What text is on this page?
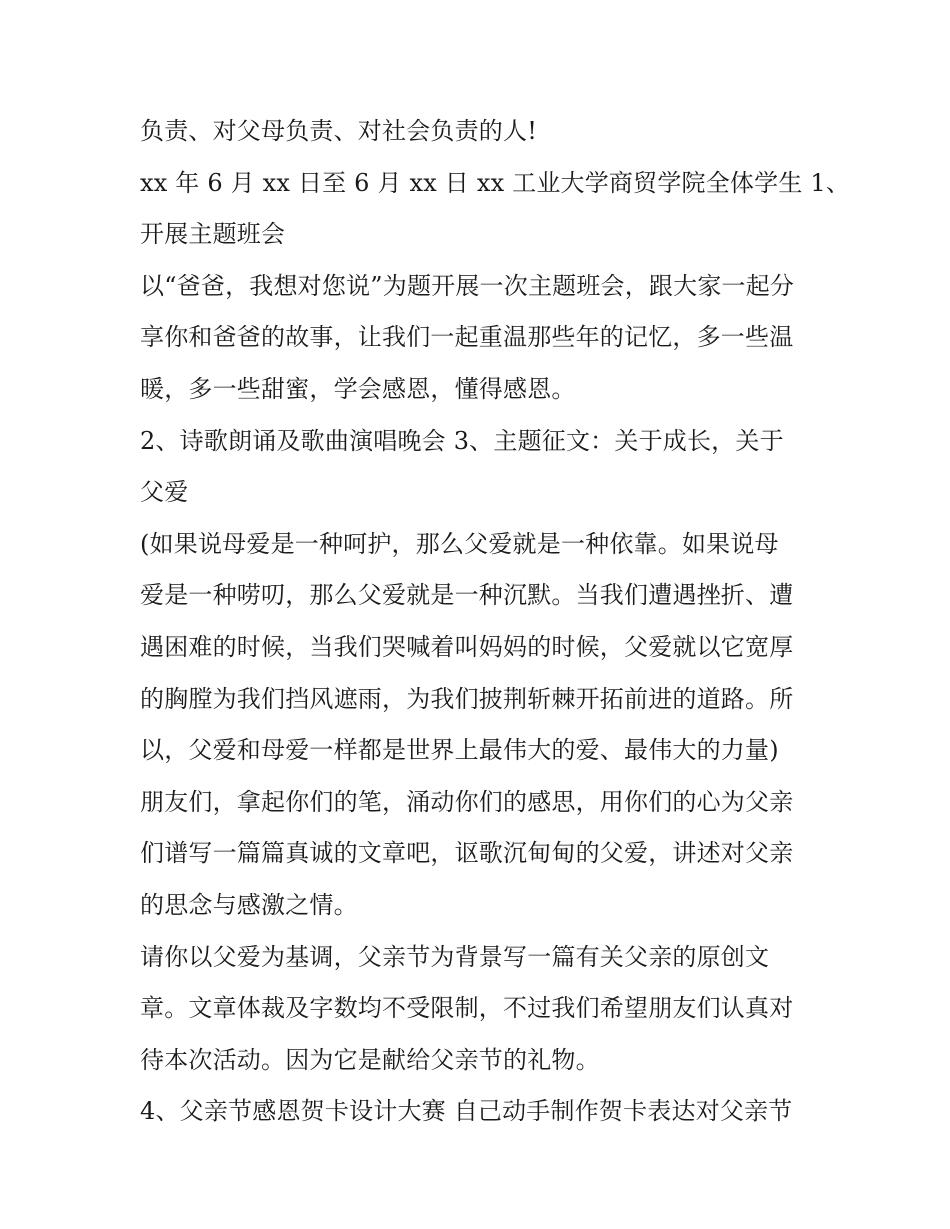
负责、对父母负责、对社会负责的人!
xx 年 6 月 xx 日至 6 月 xx 日 xx 工业大学商贸学院全体学生 1、
开展主题班会
以“爸爸，我想对您说”为题开展一次主题班会，跟大家一起分
享你和爸爸的故事，让我们一起重温那些年的记忆，多一些温
暖，多一些甜蜜，学会感恩，懂得感恩。
2、诗歌朗诵及歌曲演唱晚会 3、主题征文：关于成长，关于
父爱
(如果说母爱是一种呵护，那么父爱就是一种依靠。如果说母
爱是一种唠叨，那么父爱就是一种沉默。当我们遭遇挫折、遭
遇困难的时候，当我们哭喊着叫妈妈的时候，父爱就以它宽厚
的胸膛为我们挡风遮雨，为我们披荆斩棘开拓前进的道路。所
以，父爱和母爱一样都是世界上最伟大的爱、最伟大的力量)
朋友们，拿起你们的笔，涌动你们的感思，用你们的心为父亲
们谱写一篇篇真诚的文章吧，讴歌沉甸甸的父爱，讲述对父亲
的思念与感激之情。
请你以父爱为基调，父亲节为背景写一篇有关父亲的原创文
章。文章体裁及字数均不受限制，不过我们希望朋友们认真对
待本次活动。因为它是献给父亲节的礼物。
4、父亲节感恩贺卡设计大赛 自己动手制作贺卡表达对父亲节
